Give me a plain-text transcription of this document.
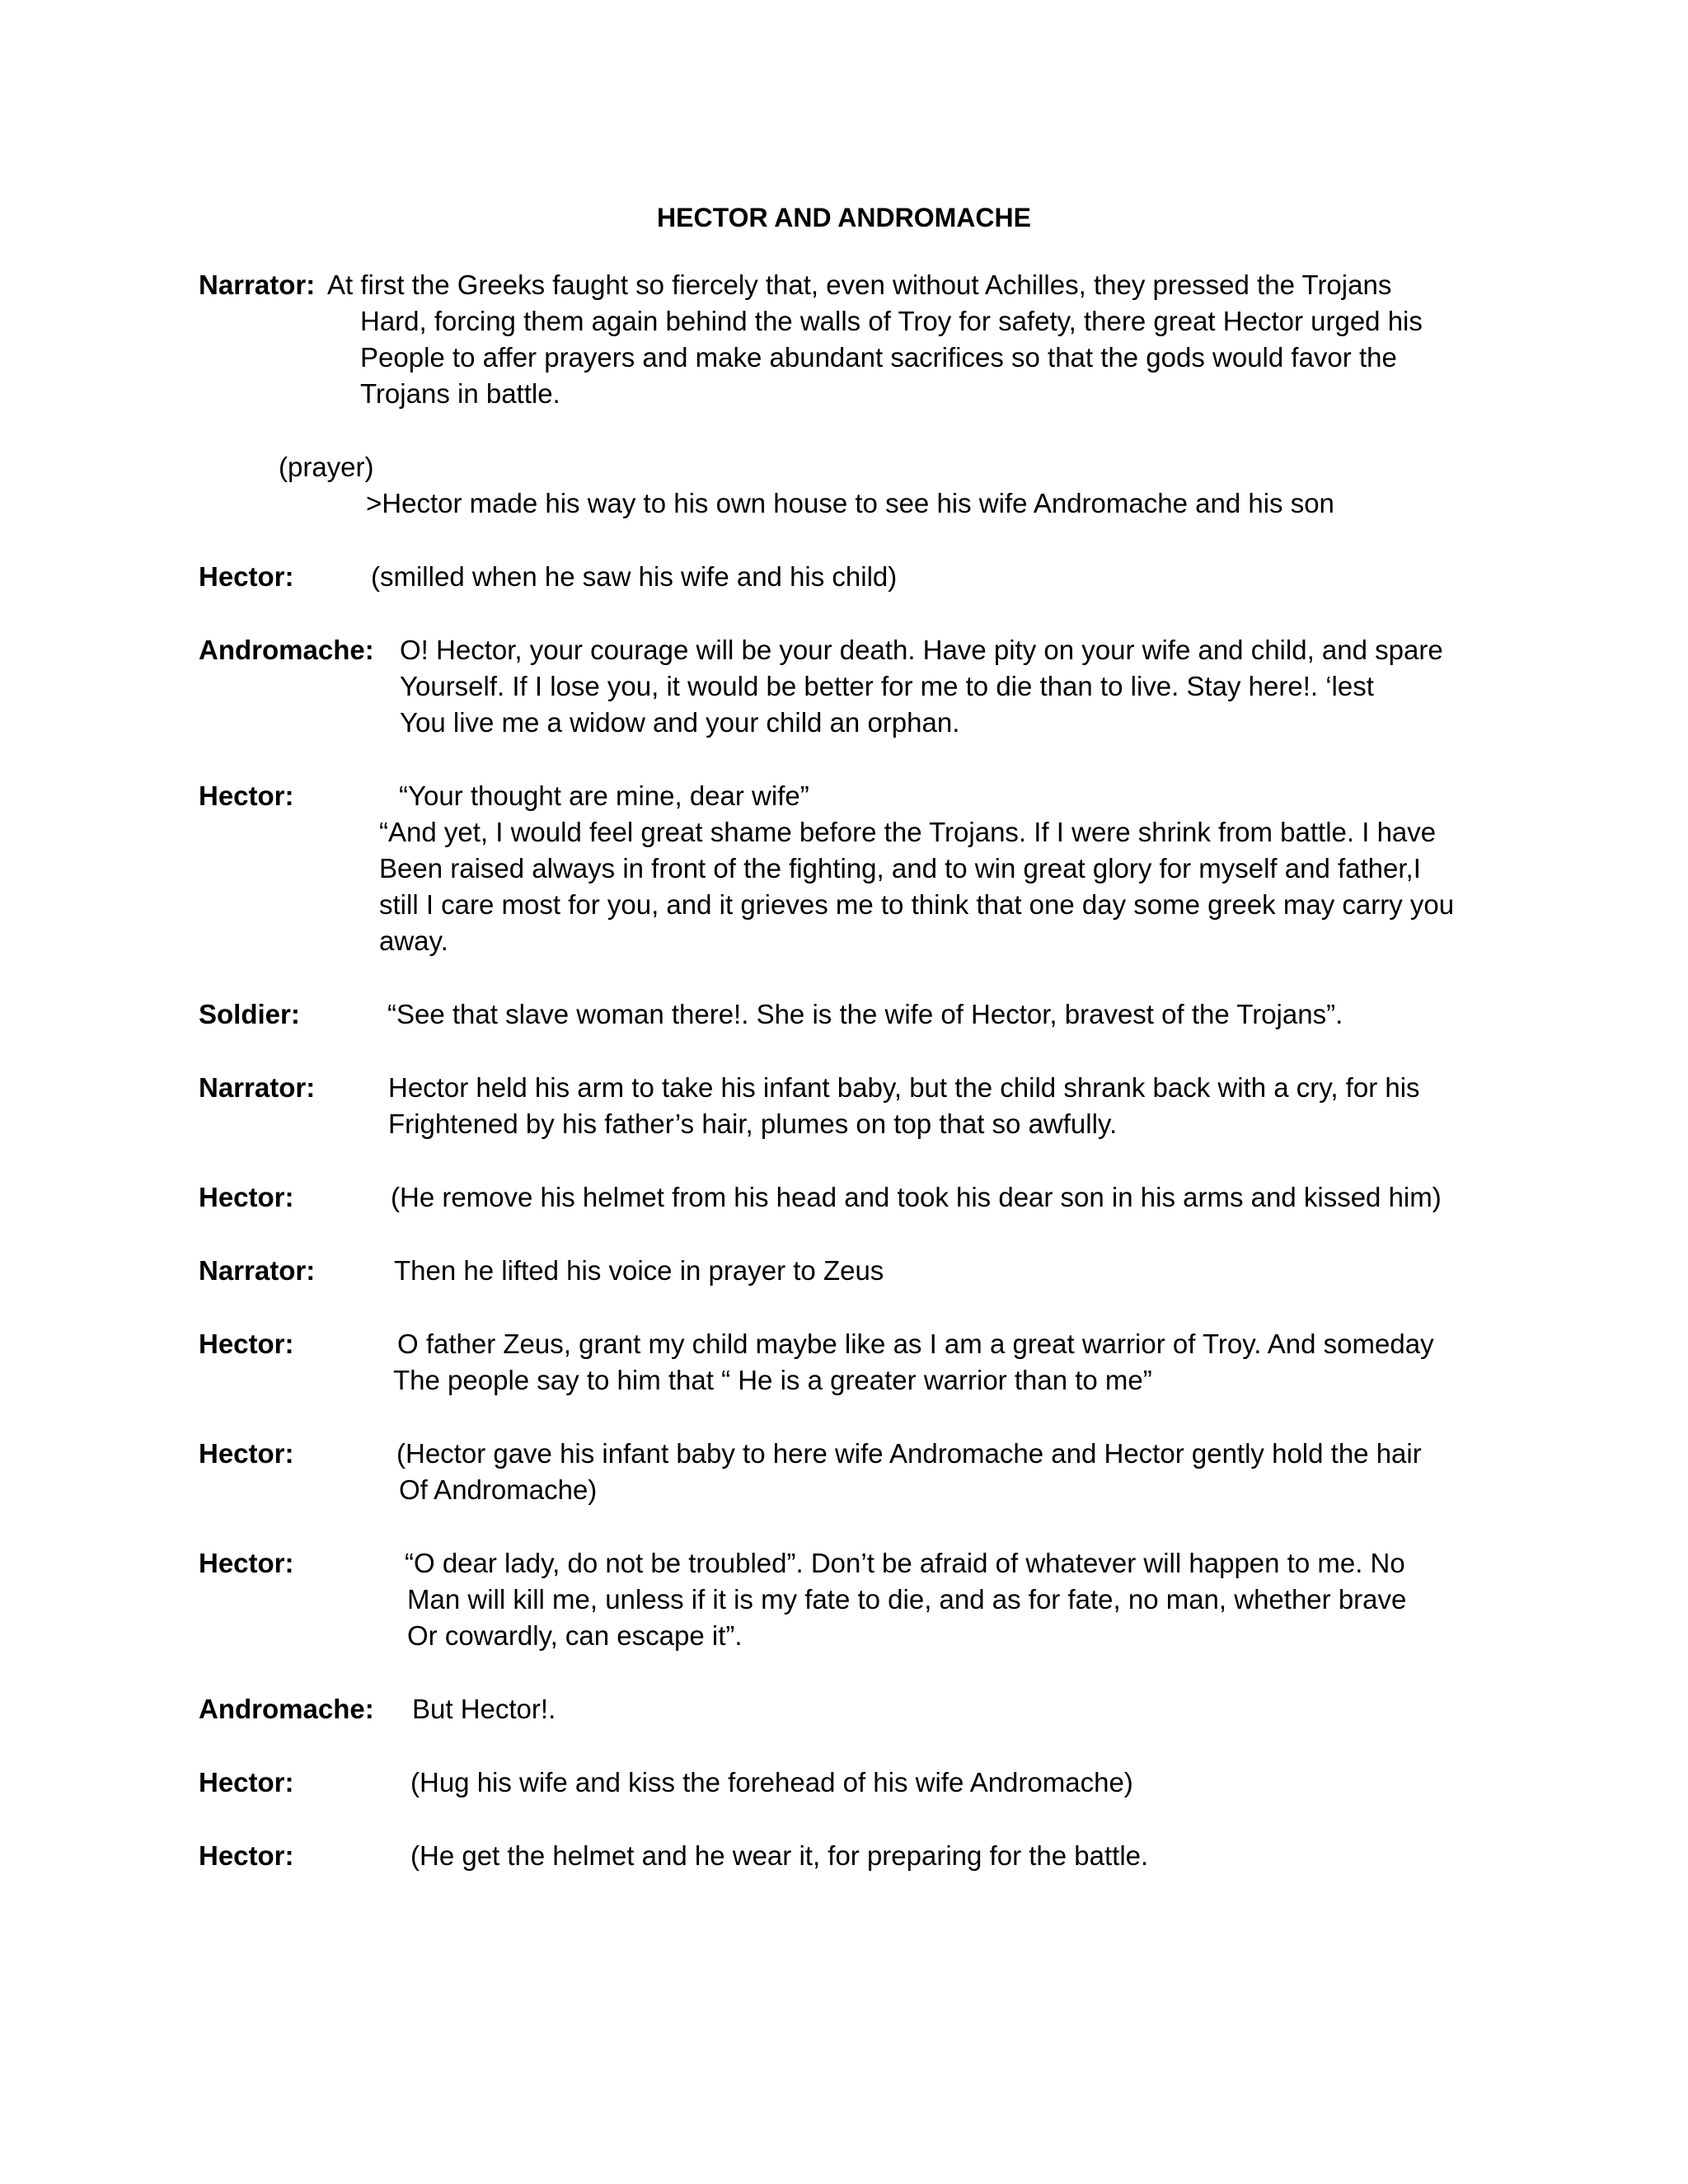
HECTOR AND ANDROMACHE
Narrator: At first the Greeks faught so fiercely that, even without Achilles, they pressed the Trojans
Hard, forcing them again behind the walls of Troy for safety, there great Hector urged his
People to affer prayers and make abundant sacrifices so that the gods would favor the
Trojans in battle.
(prayer)
>Hector made his way to his own house to see his wife Andromache and his son
Hector:	(smilled when he saw his wife and his child)
Andromache: O! Hector, your courage will be your death. Have pity on your wife and child, and spare
Yourself. If I lose you, it would be better for me to die than to live. Stay here!. ‘lest
You live me a widow and your child an orphan.
Hector:	“Your thought are mine, dear wife”
“And yet, I would feel great shame before the Trojans. If I were shrink from battle. I have
Been raised always in front of the fighting, and to win great glory for myself and father,I
still I care most for you, and it grieves me to think that one day some greek may carry you
away.
Soldier:	“See that slave woman there!. She is the wife of Hector, bravest of the Trojans”.
Narrator:	Hector held his arm to take his infant baby, but the child shrank back with a cry, for his
Frightened by his father’s hair, plumes on top that so awfully.
Hector:	(He remove his helmet from his head and took his dear son in his arms and kissed him)
Narrator:	Then he lifted his voice in prayer to Zeus
Hector:	O father Zeus, grant my child maybe like as I am a great warrior of Troy. And someday
The people say to him that “ He is a greater warrior than to me”
Hector:	(Hector gave his infant baby to here wife Andromache and Hector gently hold the hair
Of Andromache)
Hector:	“O dear lady, do not be troubled”. Don’t be afraid of whatever will happen to me. No
Man will kill me, unless if it is my fate to die, and as for fate, no man, whether brave
Or cowardly, can escape it”.
Andromache: But Hector!.
Hector:	(Hug his wife and kiss the forehead of his wife Andromache)
Hector:	(He get the helmet and he wear it, for preparing for the battle.
